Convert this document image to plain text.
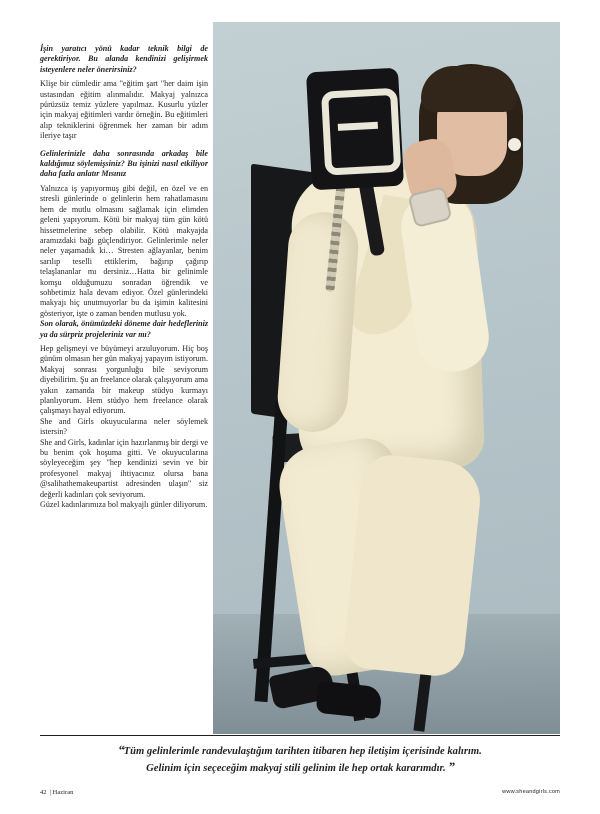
İşin yaratıcı yönü kadar teknik bilgi de gerektiriyor. Bu alanda kendinizi gelişirmek isteyenlere neler önerirsiniz?
Klişe bir cümledir ama "eğitim şart "her daim işin ustasından eğitim alınmalıdır. Makyaj yalnızca pürüzsüz temiz yüzlere yapılmaz. Kusurlu yüzler için makyaj eğitimleri vardır örneğin. Bu eğitimleri alıp tekniklerini öğrenmek her zaman bir adım ileriye taşır
Gelinlerinizle daha sonrasında arkadaş bile kaldığımız söylemişsiniz? Bu işinizi nasıl etkiliyor daha fazla anlatır Mısınız
Yalnızca iş yapıyormuş gibi değil, en özel ve en stresli günlerinde o gelinlerin hem rahatlamasını hem de mutlu olmasını sağlamak için elimden geleni yapıyorum. Kötü bir makyaj tüm gün kötü hissetmelerine sebep olabilir. Kötü makyajda aramızdaki bağı güçlendiriyor. Gelinlerimle neler neler yaşamadık ki… Stresten ağlayanlar, benim sarılıp teselli ettiklerim, bağırıp çağırıp telaşlananlar mı dersiniz…Hatta bir gelinimle komşu olduğumuzu sonradan öğrendik ve sohbetimiz hala devam ediyor. Özel günlerindeki makyajı hiç unutmuyorlar bu da işimin kalitesini gösteriyor, işte o zaman benden mutlusu yok.
Son olarak, önümüzdeki döneme dair hedefleriniz ya da sürpriz projeleriniz var mı?
Hep gelişmeyi ve büyümeyi arzuluyorum. Hiç boş günüm olmasın her gün makyaj yapayım istiyorum. Makyaj sonrası yorgunluğu bile seviyorum diyebilirim. Şu an freelance olarak çalışıyorum ama yakın zamanda bir makeup stüdyo kurmayı planlıyorum. Hem stüdyo hem freelance olarak çalışmayı hayal ediyorum.
She and Girls okuyucularına neler söylemek istersin?
She and Girls, kadınlar için hazırlanmış bir dergi ve bu benim çok hoşuma gitti. Ve okuyucularına söyleyeceğim şey "hep kendinizi sevin ve bir profesyonel makyaj ihtiyacınız olursa bana @salihathemakeupartist adresinden ulaşın" siz değerli kadınları çok seviyorum.
Güzel kadınlarımıza bol makyajlı günler diliyorum.
“Tüm gelinlerimle randevulaştığım tarihten itibaren hep iletişim içerisinde kalırım.
Gelinim için seçeceğim makyaj stili gelinim ile hep ortak kararımdır. ”
42 | Haziran	www.sheandgirls.com
